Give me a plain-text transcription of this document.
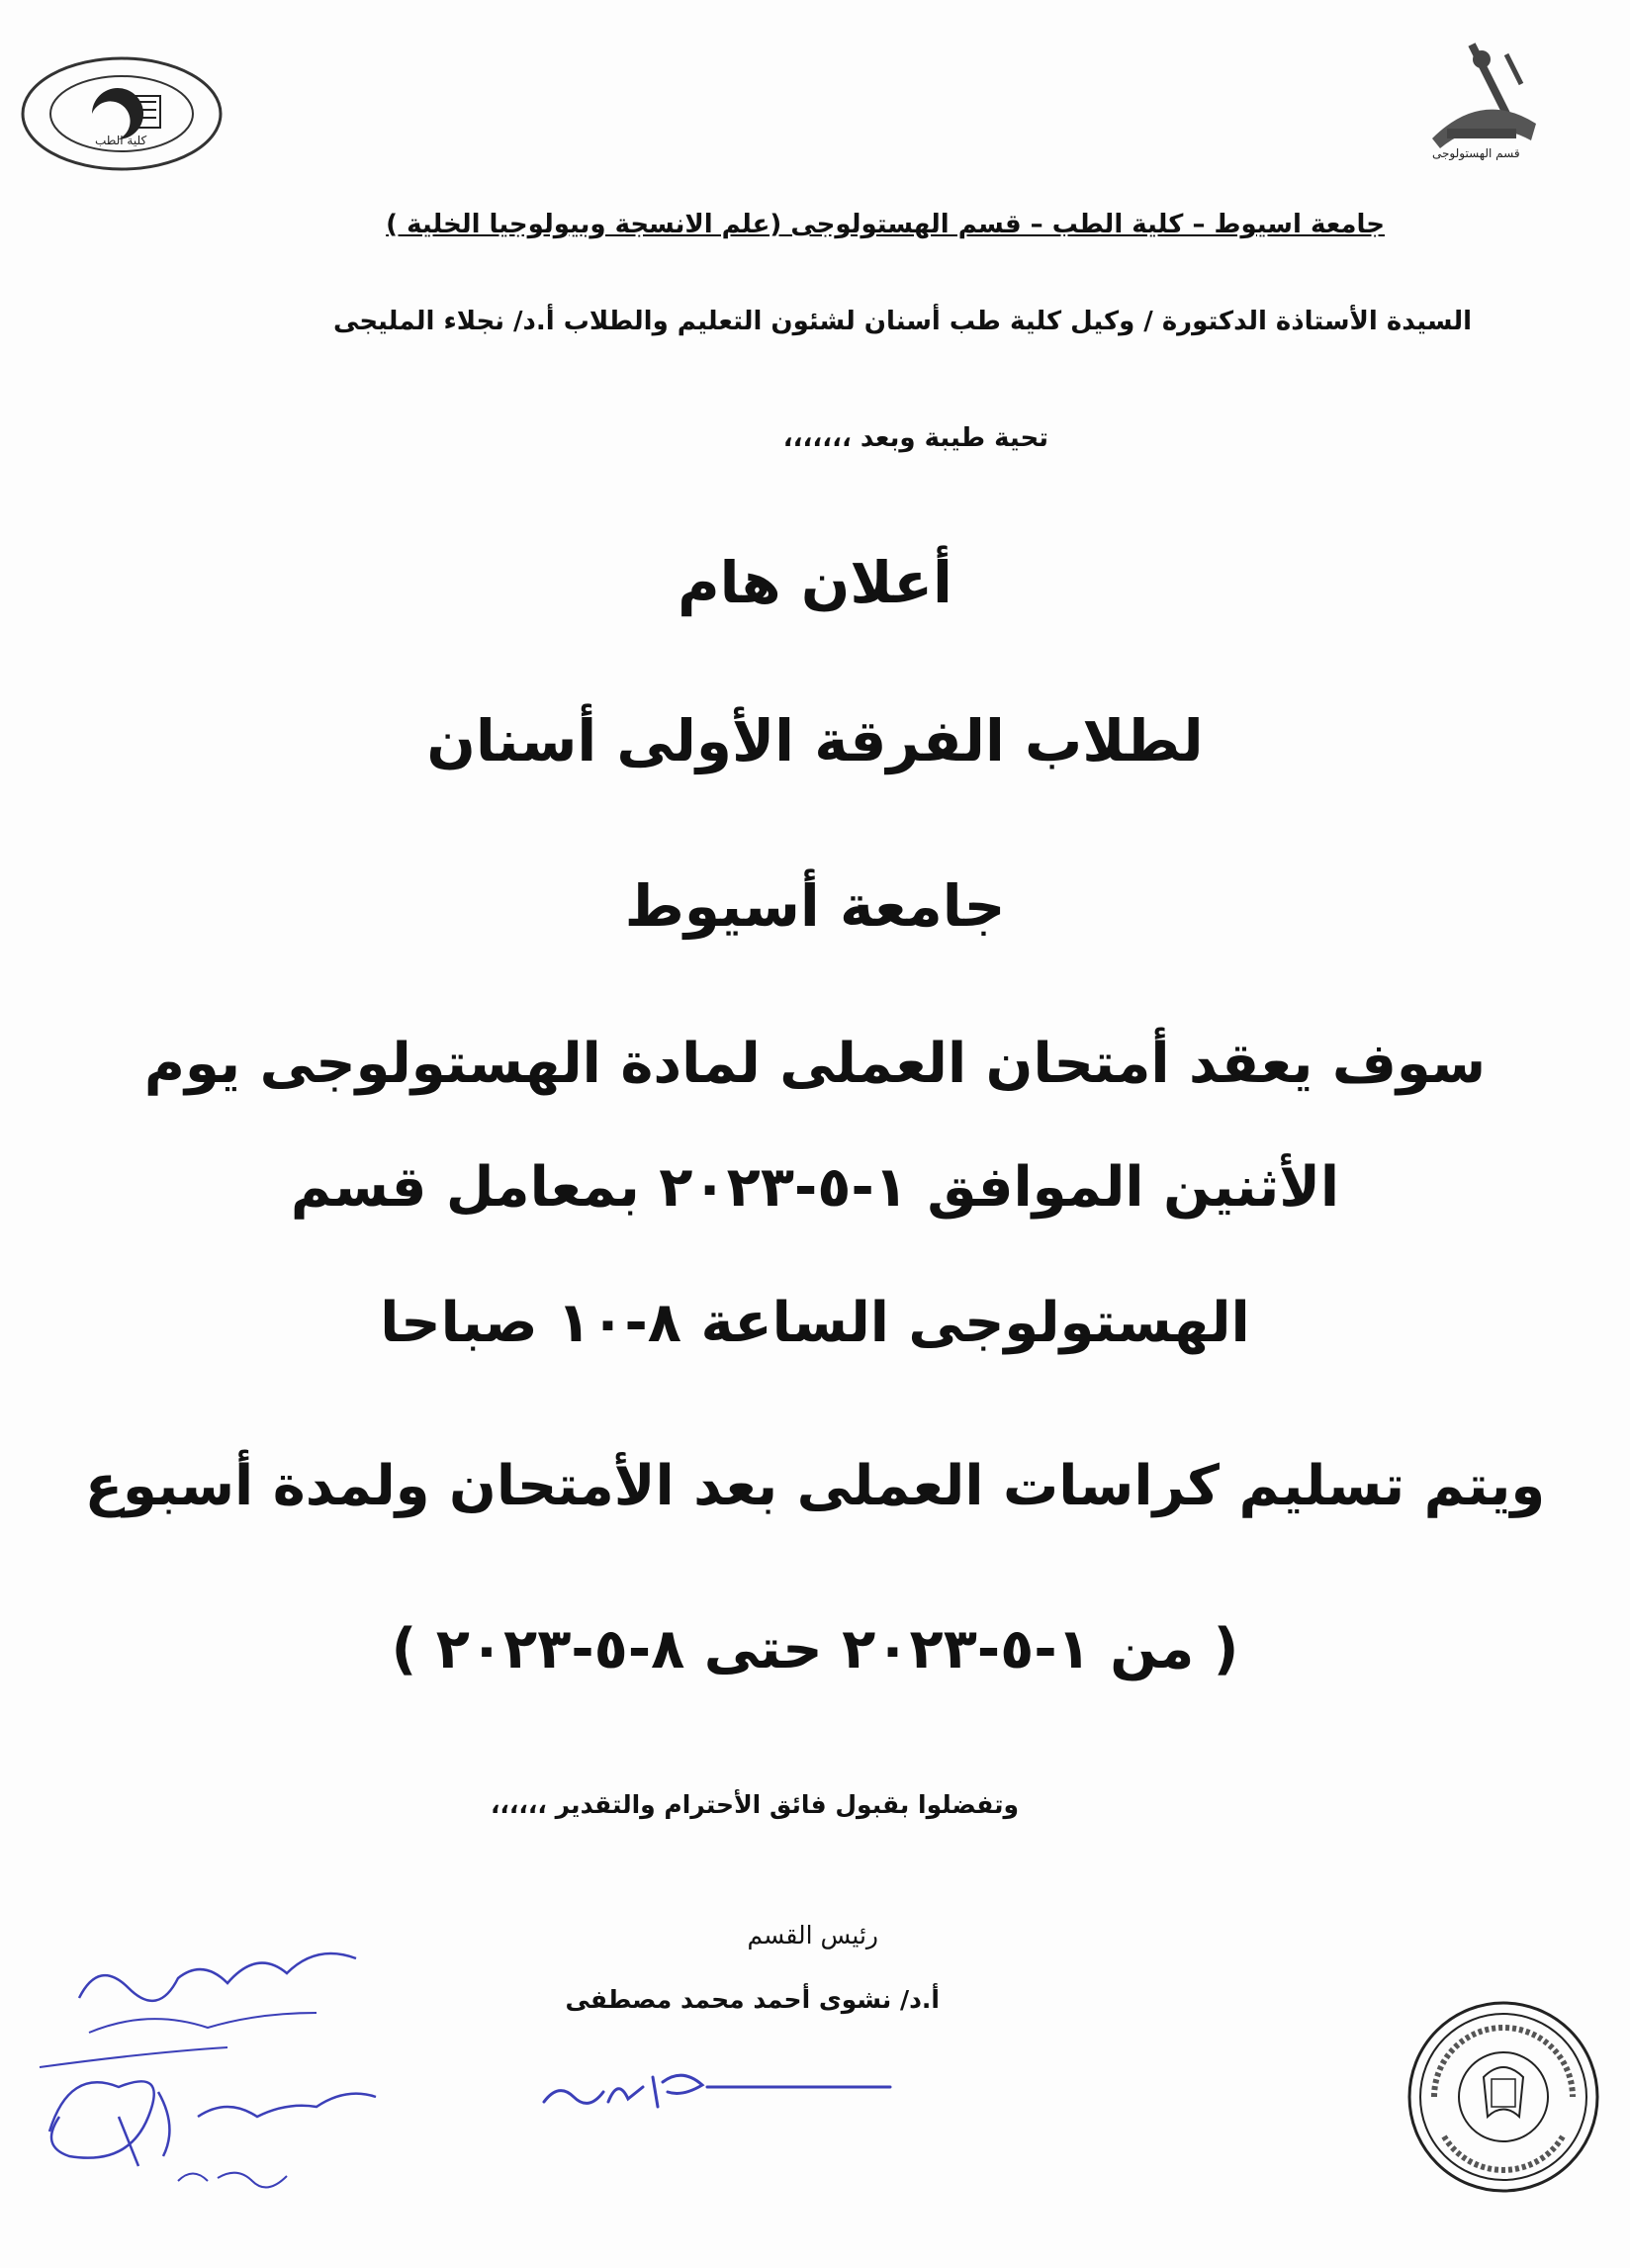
كلية الطب
قسم الهستولوجى
جامعة اسيوط – كلية الطب – قسم الهستولوجى (علم الانسجة وبيولوجيا الخلية )
السيدة الأستاذة الدكتورة / وكيل كلية طب أسنان لشئون التعليم والطلاب أ.د/ نجلاء المليجى
تحية طيبة وبعد ،،،،،،،
أعلان هام
لطلاب الفرقة الأولى أسنان
جامعة أسيوط
سوف يعقد أمتحان العملى لمادة الهستولوجى يوم
الأثنين الموافق ١-٥-٢٠٢٣ بمعامل قسم
الهستولوجى الساعة ٨-١٠ صباحا
ويتم تسليم كراسات العملى بعد الأمتحان ولمدة أسبوع
( من ١-٥-٢٠٢٣ حتى ٨-٥-٢٠٢٣ )
وتفضلوا بقبول فائق الأحترام والتقدير ،،،،،،
رئيس القسم
أ.د/ نشوى أحمد محمد مصطفى
